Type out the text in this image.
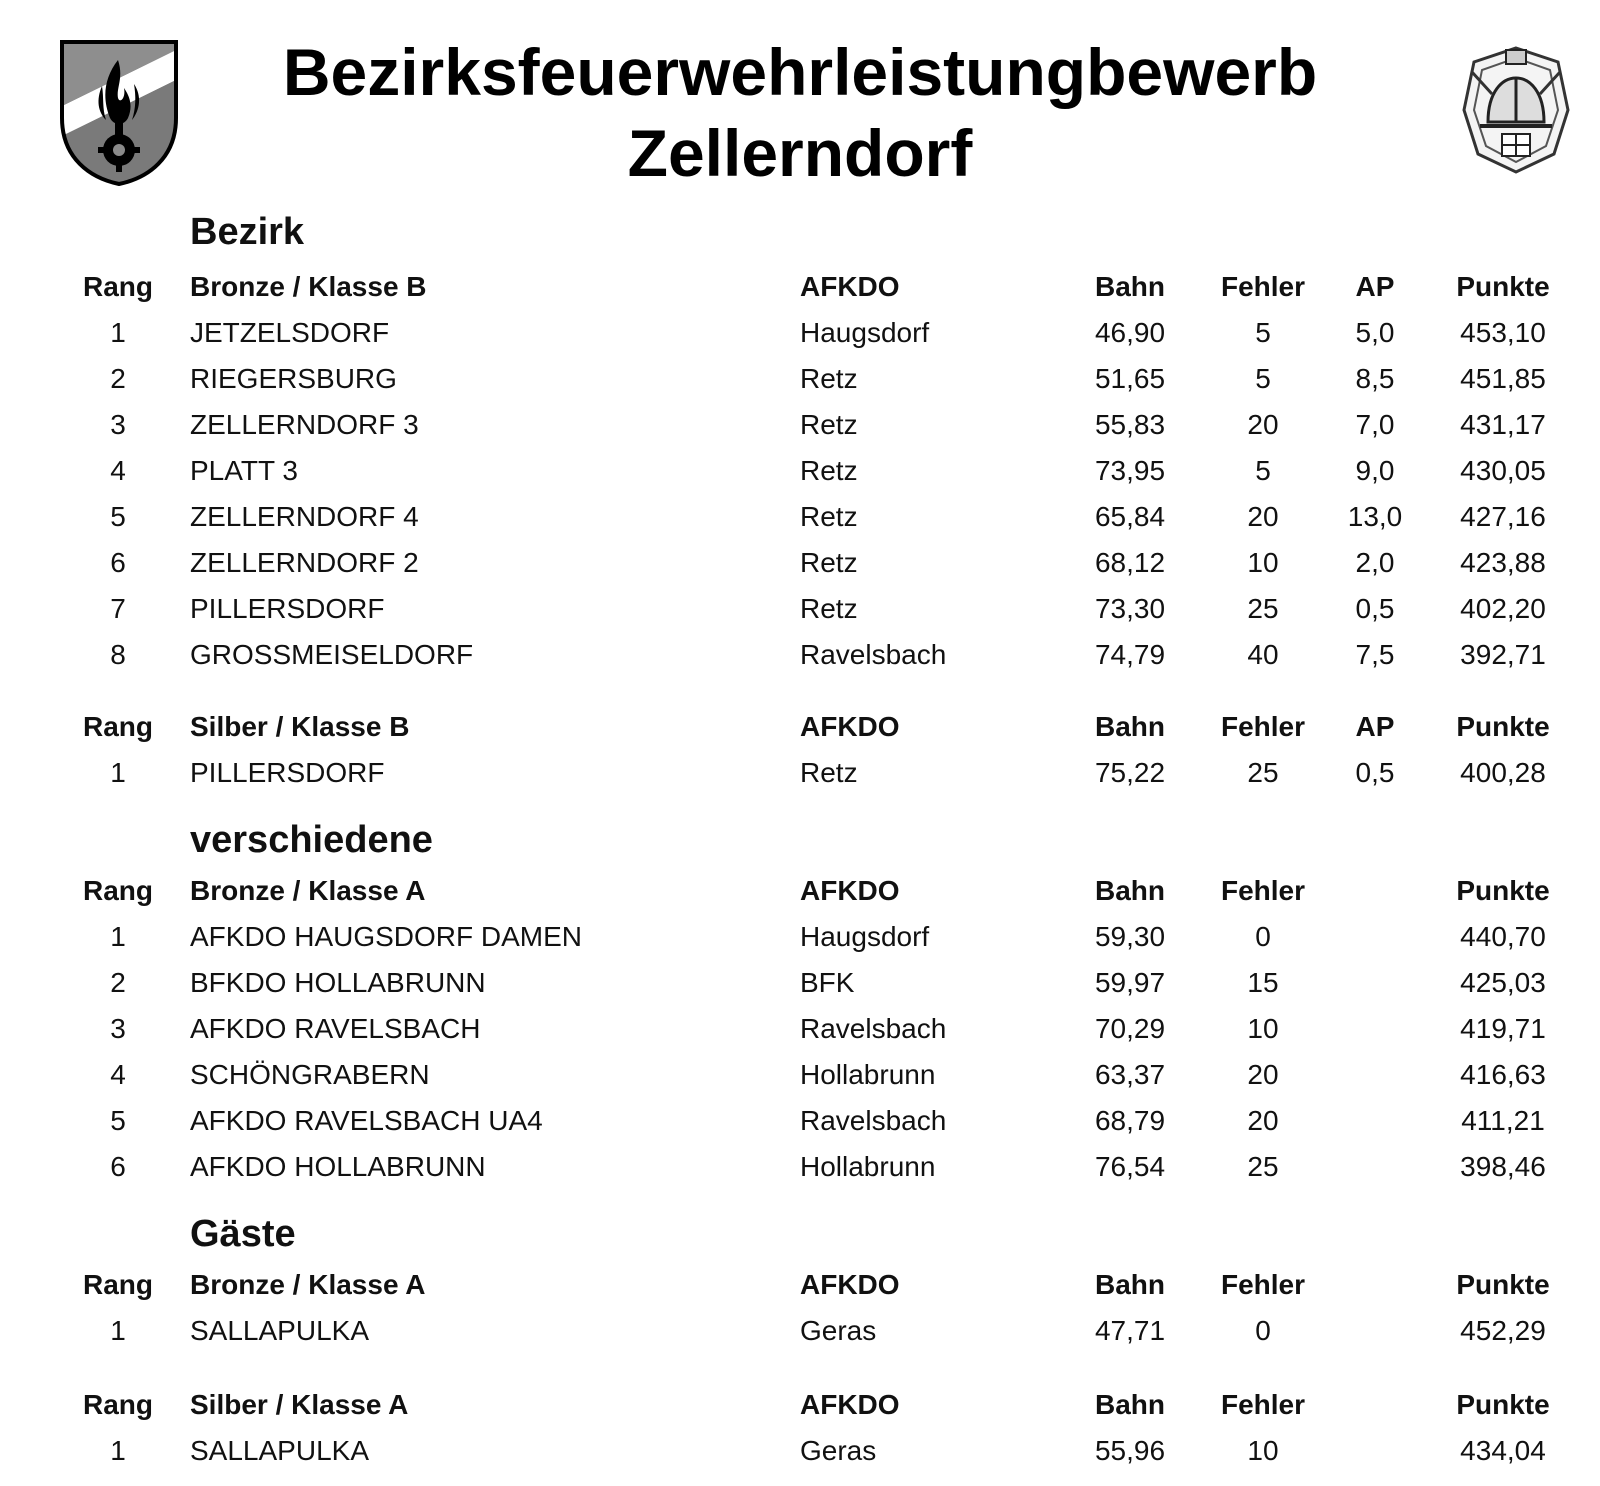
Bezirksfeuerwehrleistungbewerb
Zellerndorf
Bezirk
Rang	Bronze / Klasse B	AFKDO	Bahn	Fehler	AP	Punkte
1	JETZELSDORF	Haugsdorf	46,90	5	5,0	453,10
2	RIEGERSBURG	Retz	51,65	5	8,5	451,85
3	ZELLERNDORF 3	Retz	55,83	20	7,0	431,17
4	PLATT 3	Retz	73,95	5	9,0	430,05
5	ZELLERNDORF 4	Retz	65,84	20	13,0	427,16
6	ZELLERNDORF 2	Retz	68,12	10	2,0	423,88
7	PILLERSDORF	Retz	73,30	25	0,5	402,20
8	GROSSMEISELDORF	Ravelsbach	74,79	40	7,5	392,71
Rang	Silber / Klasse B	AFKDO	Bahn	Fehler	AP	Punkte
1	PILLERSDORF	Retz	75,22	25	0,5	400,28
verschiedene
Rang	Bronze / Klasse A	AFKDO	Bahn	Fehler	Punkte
1	AFKDO HAUGSDORF DAMEN	Haugsdorf	59,30	0	440,70
2	BFKDO HOLLABRUNN	BFK	59,97	15	425,03
3	AFKDO RAVELSBACH	Ravelsbach	70,29	10	419,71
4	SCHÖNGRABERN	Hollabrunn	63,37	20	416,63
5	AFKDO RAVELSBACH UA4	Ravelsbach	68,79	20	411,21
6	AFKDO HOLLABRUNN	Hollabrunn	76,54	25	398,46
Gäste
Rang	Bronze / Klasse A	AFKDO	Bahn	Fehler	Punkte
1	SALLAPULKA	Geras	47,71	0	452,29
Rang	Silber / Klasse A	AFKDO	Bahn	Fehler	Punkte
1	SALLAPULKA	Geras	55,96	10	434,04
